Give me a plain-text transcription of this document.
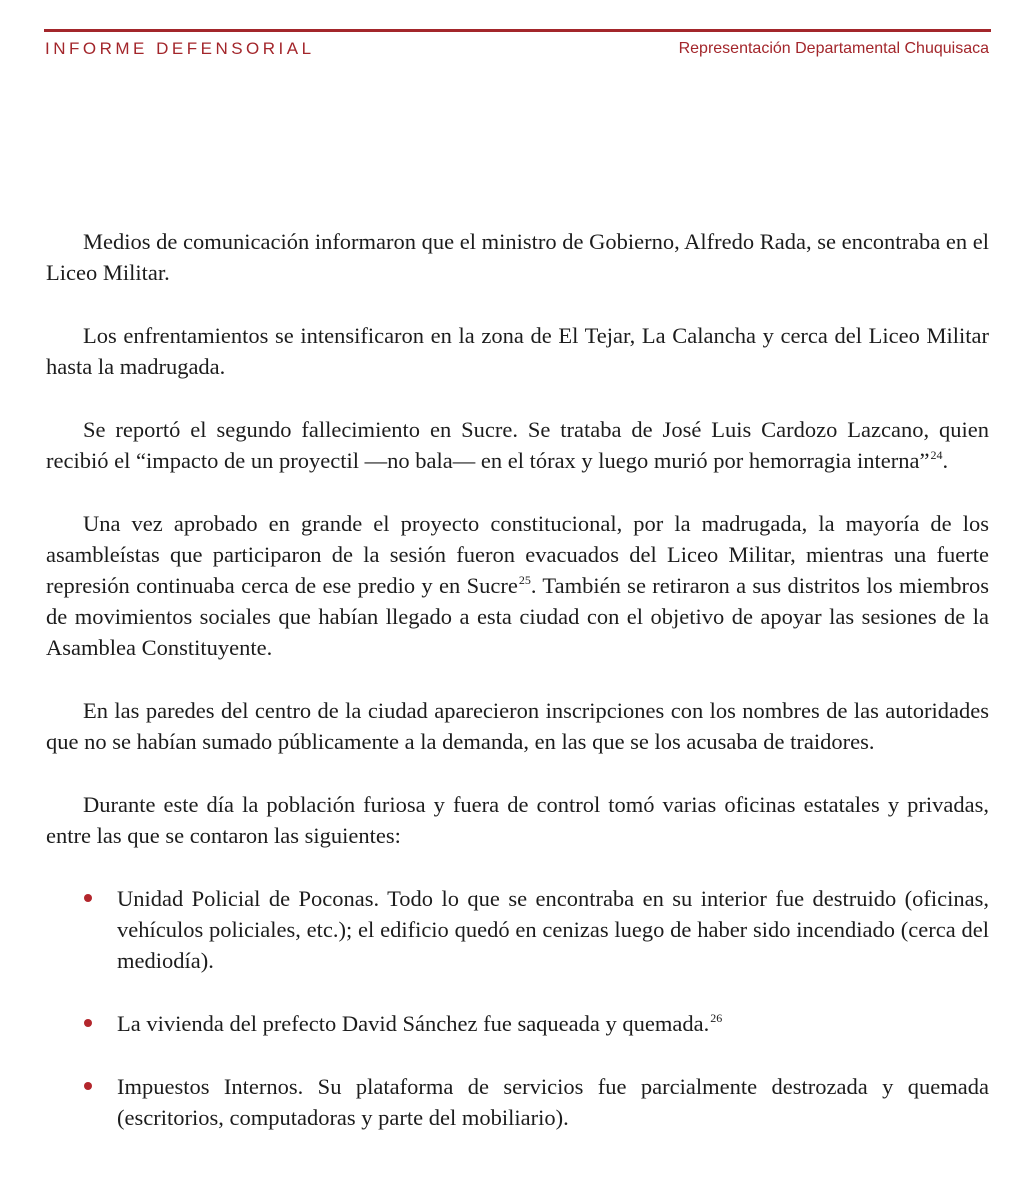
INFORME DEFENSORIAL	Representación Departamental Chuquisaca

Medios de comunicación informaron que el ministro de Gobierno, Alfredo Rada, se encontraba en el Liceo Militar.

Los enfrentamientos se intensificaron en la zona de El Tejar, La Calancha y cerca del Liceo Militar hasta la madrugada.

Se reportó el segundo fallecimiento en Sucre. Se trataba de José Luis Cardozo Lazcano, quien recibió el “impacto de un proyectil —no bala— en el tórax y luego murió por hemorragia interna”$^{24}$.

Una vez aprobado en grande el proyecto constitucional, por la madrugada, la mayoría de los asambleístas que participaron de la sesión fueron evacuados del Liceo Militar, mientras una fuerte represión continuaba cerca de ese predio y en Sucre$^{25}$. También se retiraron a sus distritos los miembros de movimientos sociales que habían llegado a esta ciudad con el objetivo de apoyar las sesiones de la Asamblea Constituyente.

En las paredes del centro de la ciudad aparecieron inscripciones con los nombres de las autoridades que no se habían sumado públicamente a la demanda, en las que se los acusaba de traidores.

Durante este día la población furiosa y fuera de control tomó varias oficinas estatales y privadas, entre las que se contaron las siguientes:

Unidad Policial de Poconas. Todo lo que se encontraba en su interior fue destruido (oficinas, vehículos policiales, etc.); el edificio quedó en cenizas luego de haber sido incendiado (cerca del mediodía).
La vivienda del prefecto David Sánchez fue saqueada y quemada.$^{26}$
Impuestos Internos. Su plataforma de servicios fue parcialmente destrozada y quemada (escritorios, computadoras y parte del mobiliario).
